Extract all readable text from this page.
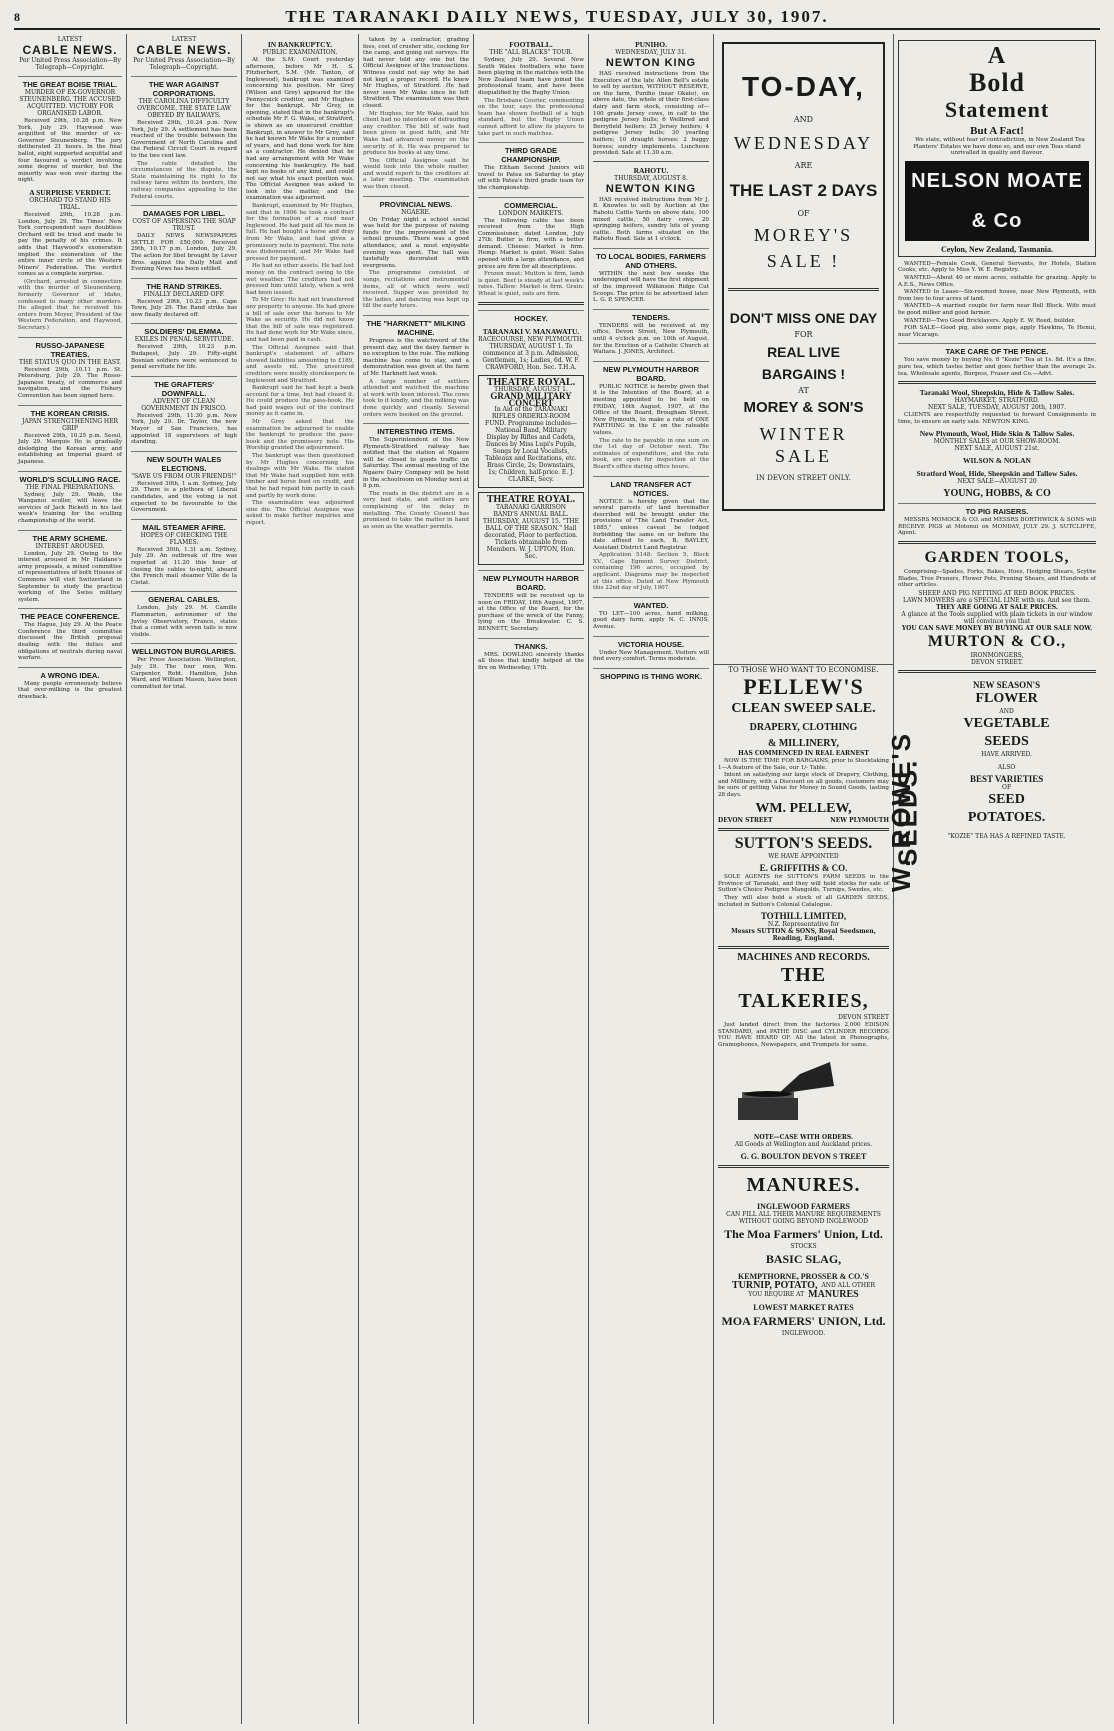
8	THE TARANAKI DAILY NEWS, TUESDAY, JULY 30, 1907.
LATEST
CABLE NEWS.
Per United Press Association—By Telegraph—Copyright.
THE GREAT BOISE TRIAL.
MURDER OF EX-GOVERNOR STEUNENBERG. THE ACCUSED ACQUITTED. VICTORY FOR ORGANISED LABOR.

Received 29th, 10.28 p.m. New York, July 29. Haywood was acquitted of the murder of ex-Governor Steunenberg. The jury deliberated 21 hours. In the final ballot, eight supported acquittal and four favoured a verdict involving some degree of murder, but the minority was won over during the night.

A SURPRISE VERDICT.
ORCHARD TO STAND HIS TRIAL.

Received 29th, 10.28 p.m. London, July 29. The Times' New York correspondent says doubtless Orchard will be tried and made to pay the penalty of his crimes. It adds that Haywood's exoneration implied the exoneration of the entire inner circle of the Western Miners' Federation. The verdict comes as a complete surprise.

(Orchard, arrested in connection with the murder of Steunenberg, formerly Governor of Idaho, confessed to many other murders. He alleged that he received his orders from Moyer, President of the Western Federation, and Haywood, Secretary.)

RUSSO-JAPANESE TREATIES.
THE STATUS QUO IN THE EAST.

Received 29th, 10.11 p.m. St. Petersburg, July 29. The Russo-Japanese treaty, of commerce and navigation, and the Fishery Convention has been signed here.

THE KOREAN CRISIS.
JAPAN STRENGTHENING HER GRIP

Received 29th, 10.25 p.m. Seoul, July 29. Marquis Ito is gradually dislodging the Korean army, and establishing an Imperial guard of Japanese.

WORLD'S SCULLING RACE.
THE FINAL PREPARATIONS.

Sydney, July 29. Webb, the Wanganui sculler, will leave the services of Jack Rickett in his last week's training for the sculling championship of the world.

THE ARMY SCHEME.
INTEREST AROUSED.

London, July 29. Owing to the interest aroused in Mr Haldane's army proposals, a mixed committee of representatives of both Houses of Commons will visit Switzerland in September to study the practical working of the Swiss military system.

THE PEACE CONFERENCE.

The Hague, July 29. At the Peace Conference the third committee discussed the British proposal dealing with the duties and obligations of neutrals during naval warfare.

A WRONG IDEA.

Many people erroneously believe that over-milking is the greatest drawback.

LATEST
CABLE NEWS.
Per United Press Association—By Telegraph—Copyright.
THE WAR AGAINST CORPORATIONS.
THE CAROLINA DIFFICULTY OVERCOME. THE STATE LAW OBEYED BY RAILWAYS.

Received 29th, 10.24 p.m. New York, July 29. A settlement has been reached of the trouble between the Government of North Carolina and the Federal Circuit Court in regard to the two cent law.

The cable detailed the circumstances of the dispute, the State maintaining its right to fix railway fares within its borders, the railway companies appealing to the Federal courts.

DAMAGES FOR LIBEL.
COST OF ASPERSING THE SOAP TRUST.

DAILY NEWS NEWSPAPERS SETTLE FOR £50,000. Received 29th, 10.17 p.m. London, July 29. The action for libel brought by Lever Bros. against the Daily Mail and Evening News has been settled.

THE RAND STRIKES.
FINALLY DECLARED OFF.

Received 29th, 10.23 p.m. Cape Town, July 29. The Rand strike has now finally declared off.

SOLDIERS' DILEMMA.
EXILES IN PENAL SERVITUDE.

Received 29th, 10.23 p.m. Budapest, July 29. Fifty-eight Bosnian soldiers were sentenced to penal servitude for life.

THE GRAFTERS' DOWNFALL.
ADVENT OF CLEAN GOVERNMENT IN FRISCO.

Received 29th, 11.30 p.m. New York, July 29. Dr. Taylor, the new Mayor of San Francisco, has appointed 18 supervisors of high standing.

NEW SOUTH WALES ELECTIONS.
"SAVE US FROM OUR FRIENDS!"

Received 30th, 1 a.m. Sydney, July 29. There is a plethora of Liberal candidates, and the voting is not expected to be favourable to the Government.

MAIL STEAMER AFIRE.
HOPES OF CHECKING THE FLAMES.

Received 30th, 1.31 a.m. Sydney, July 29. An outbreak of fire was reported at 11.20 this hour of closing the cables to-night, aboard the French mail steamer Ville de la Ciotat.

GENERAL CABLES.

London, July 29. M. Camille Flammarion, astronomer of the Juvisy Observatory, France, states that a comet with seven tails is now visible.

WELLINGTON BURGLARIES.

Per Press Association. Wellington, July 29. The four men, Wm. Carpenter, Robt. Hamilton, John Ward, and William Mason, have been committed for trial.

IN BANKRUPTCY.
PUBLIC EXAMINATION.

At the S.M. Court yesterday afternoon, before Mr H. S. Fitzherbert, S.M. (Mr. Tanton, of Inglewood), bankrupt was examined concerning his position. Mr Grey (Wilson and Grey) appeared for the Pennycuick creditor, and Mr Hughes for the bankrupt. Mr Grey, in opening, stated that in the bankrupt's schedule Mr F. G. Wake, of Stratford, is shown as an unsecured creditor. Bankrupt, in answer to Mr Grey, said he had known Mr Wake for a number of years, and had done work for him as a contractor. He denied that he had any arrangement with Mr Wake concerning his bankruptcy. He had kept no books of any kind, and could not say what his exact position was. The Official Assignee was asked to look into the matter, and the examination was adjourned.

Bankrupt, examined by Mr Hughes, said that in 1906 he took a contract for the formation of a road near Inglewood. He had paid all his men in full. He had bought a horse and dray from Mr Wake, and had given a promissory note in payment. The note was dishonoured, and Mr Wake had pressed for payment.

He had no other assets. He had lost money on the contract owing to the wet weather. The creditors had not pressed him until lately, when a writ had been issued.

To Mr Grey: He had not transferred any property to anyone. He had given a bill of sale over the horses to Mr Wake as security. He did not know that the bill of sale was registered. He had done work for Mr Wake since, and had been paid in cash.

The Official Assignee said that bankrupt's statement of affairs showed liabilities amounting to £189, and assets nil. The unsecured creditors were mostly storekeepers in Inglewood and Stratford.

Bankrupt said he had kept a bank account for a time, but had closed it. He could produce the pass-book. He had paid wages out of the contract money as it came in.

Mr Grey asked that the examination be adjourned to enable the bankrupt to produce the pass-book and the promissory note. His Worship granted the adjournment.

The bankrupt was then questioned by Mr Hughes concerning his dealings with Mr Wake. He stated that Mr Wake had supplied him with timber and horse feed on credit, and that he had repaid him partly in cash and partly by work done.

The examination was adjourned sine die. The Official Assignee was asked to make further inquiries and report.

taken by a contractor, grading fees, cost of crusher site, cocking for the camp, and going out surveys. He had never told any one but the Official Assignee of the transactions. Witness could not say why he had not kept a proper record. He knew Mr Hughes, of Stratford. He had never seen Mr Wake since he left Stratford. The examination was then closed.

Mr Hughes, for Mr Wake, said his client had no intention of defrauding any creditor. The bill of sale had been given in good faith, and Mr Wake had advanced money on the security of it. He was prepared to produce his books at any time.

The Official Assignee said he would look into the whole matter, and would report to the creditors at a later meeting. The examination was then closed.

PROVINCIAL NEWS.
NGAERE.

On Friday night a school social was held for the purpose of raising funds for the improvement of the school grounds. There was a good attendance, and a most enjoyable evening was spent. The hall was tastefully decorated with evergreens.

The programme consisted of songs, recitations and instrumental items, all of which were well received. Supper was provided by the ladies, and dancing was kept up till the early hours.

THE "HARKNETT" MILKING MACHINE.

Progress is the watchword of the present day, and the dairy farmer is no exception to the rule. The milking machine has come to stay, and a demonstration was given at the farm of Mr. Harknett last week.

A large number of settlers attended and watched the machine at work with keen interest. The cows took to it kindly, and the milking was done quickly and cleanly. Several orders were booked on the ground.

INTERESTING ITEMS.

The Superintendent of the New Plymouth-Stratford railway has notified that the station at Ngaere will be closed to goods traffic on Saturday. The annual meeting of the Ngaere Dairy Company will be held in the schoolroom on Monday next at 8 p.m.

The roads in the district are in a very bad state, and settlers are complaining of the delay in metalling. The County Council has promised to take the matter in hand as soon as the weather permits.

FOOTBALL.
THE "ALL BLACKS" TOUR.

Sydney, July 29. Several New South Wales footballers who have been playing in the matches with the New Zealand team have joined the professional team, and have been disqualified by the Rugby Union.

The Brisbane Courier, commenting on the tour, says the professional team has shown football of a high standard, but the Rugby Union cannot afford to allow its players to take part in such matches.

THIRD GRADE CHAMPIONSHIP.

The Eltham Second Juniors will travel to Patea on Saturday to play off with Patea's third grade team for the championship.

COMMERCIAL.
LONDON MARKETS.

The following cable has been received from the High Commissioner, dated London, July 27th: Butter is firm, with a better demand. Cheese: Market is firm. Hemp: Market is quiet. Wool: Sales opened with a large attendance, and prices are firm for all descriptions.

Frozen meat: Mutton is firm, lamb is quiet. Beef is steady at last week's rates. Tallow: Market is firm. Grain: Wheat is quiet, oats are firm.

HOCKEY.
TARANAKI V. MANAWATU.
RACECOURSE, NEW PLYMOUTH. THURSDAY, AUGUST 1. To commence at 3 p.m. Admission, Gentlemen, 1s; Ladies, 6d. W. F. CRAWFORD, Hon. Sec. T.H.A.
THEATRE ROYAL.
THURSDAY, AUGUST 1.
GRAND MILITARY CONCERT
In Aid of the TARANAKI RIFLES ORDERLY-ROOM FUND. Programme includes—National Band, Military Display by Rifles and Cadets, Dances by Miss Lupi's Pupils, Songs by Local Vocalists, Tableaux and Recitations, etc. Brass Circle, 2s; Downstairs, 1s; Children, half-price. E. J. CLARKE, Secy.
THEATRE ROYAL.
TARANAKI GARRISON BAND'S ANNUAL BALL. THURSDAY, AUGUST 15. "THE BALL OF THE SEASON." Hall decorated, Floor to perfection. Tickets obtainable from Members. W. J. UPTON, Hon. Sec.
NEW PLYMOUTH HARBOR BOARD.

TENDERS will be received up to noon on FRIDAY, 16th August, 1907, at the Office of the Board, for the purchase of the wreck of the Fanny, lying on the Breakwater. C. S. BENNETT, Secretary.

THANKS.

MRS. DOWLING sincerely thanks all those that kindly helped at the fire on Wednesday, 17th.

PUNIHO.
WEDNESDAY, JULY 31.
NEWTON KING

HAS received instructions from the Executors of the late Allen Bell's estate to sell by auction, WITHOUT RESERVE, on the farm, Puniho (near Okato), on above date, the whole of their first-class dairy and farm stock, consisting of— 100 grade Jersey cows, in calf to the pedigree Jersey bulls; 6 Wellbred and Berryfield heifers; 25 Jersey heifers; 4 pedigree Jersey bulls; 30 yearling heifers; 10 draught horses; 2 buggy horses; sundry implements. Luncheon provided. Sale at 11.30 a.m.

RAHOTU.
THURSDAY, AUGUST 8.
NEWTON KING

HAS received instructions from Mr J. B. Knowles to sell by Auction at the Rahotu Cattle Yards on above date, 100 mixed cattle, 50 dairy cows, 20 springing heifers, sundry lots of young cattle. Both farms situated on the Rahotu Road. Sale at 1 o'clock.

TO LOCAL BODIES, FARMERS AND OTHERS.

WITHIN the next few weeks the undersigned will have the first shipment of the improved Wilkinson Ridge Cut Scoops. The price to be advertised later. L. G. P. SPENCER.

TENDERS.

TENDERS will be received at my office, Devon Street, New Plymouth, until 4 o'clock p.m. on 10th of August, for the Erection of a Catholic Church at Waitara. J. JONES, Architect.

NEW PLYMOUTH HARBOR BOARD.

PUBLIC NOTICE is hereby given that it is the Intention of the Board, at a meeting appointed to be held on FRIDAY, 16th August, 1907, at the Office of the Board, Brougham Street, New Plymouth, to make a rate of ONE FARTHING in the £ on the rateable values.

The rate to be payable in one sum on the 1st day of October next. The estimates of expenditure, and the rate book, are open for inspection at the Board's office during office hours.

LAND TRANSFER ACT NOTICES.

NOTICE is hereby given that the several parcels of land hereinafter described will be brought under the provisions of "The Land Transfer Act, 1885," unless caveat be lodged forbidding the same on or before the date affixed to each. B. BAYLEY, Assistant District Land Registrar.

Application 5148: Section 5, Block XV., Cape Egmont Survey District, containing 196 acres, occupied by applicant. Diagrams may be inspected at this office. Dated at New Plymouth this 22nd day of July, 1907.

WANTED.

TO LET—100 acres, hand milking, good dairy farm, apply N. C. INNIS, Avenue.

VICTORIA HOUSE.

Under New Management. Visitors will find every comfort. Terms moderate.

SHOPPING IS THING WORK.
TO-DAY,
AND
WEDNESDAY
ARE
THE LAST 2 DAYS
OF
MOREY'S
SALE !
DON'T MISS ONE DAY
FOR
REAL LIVE BARGAINS !
AT
MOREY & SON'S
WINTER
SALE
IN DEVON STREET ONLY.
TO THOSE WHO WANT TO ECONOMISE.
PELLEW'S
CLEAN SWEEP SALE.
DRAPERY, CLOTHING
& MILLINERY,
HAS COMMENCED IN REAL EARNEST

NOW IS THE TIME FOR BARGAINS, prior to Stocktaking 1—A feature of the Sale, our 1/- Table.

Intent on satisfying our large stock of Drapery, Clothing, and Millinery, with a Discount on all goods, customers may be sure of getting Value for Money in Sound Goods, lasting 28 days.

WM. PELLEW,
DEVON STREET	NEW PLYMOUTH
SUTTON'S SEEDS.
WE HAVE APPOINTED
E. GRIFFITHS & CO.

SOLE AGENTS for SUTTON'S FARM SEEDS in the Province of Taranaki, and they will hold stocks for sale of Sutton's Choice Pedigree Mangolds, Turnips, Swedes, etc.

They will also hold a stock of all GARDEN SEEDS, included in Sutton's Colonial Catalogue.

TOTHILL LIMITED,
N.Z. Representative for
Messrs SUTTON & SONS, Royal Seedsmen, Reading, England.
MACHINES AND RECORDS.
THE TALKERIES,
DEVON STREET

Just landed direct from the factories 2,000 EDISON STANDARD, and PATHE DISC and CYLINDER RECORDS YOU HAVE HEARD OF. All the latest in Phonographs, Gramophones, Newspapers, and Trumpets for same.

NOTE—CASE WITH ORDERS.
All Goods at Wellington and Auckland prices.
G. G. BOULTON DEVON S TREET
MANURES.
INGLEWOOD FARMERS
CAN FILL ALL THEIR MANURE REQUIREMENTS WITHOUT GOING BEYOND INGLEWOOD
The Moa Farmers' Union, Ltd.
STOCKS
BASIC SLAG,
KEMPTHORNE, PROSSER & CO.'S
TURNIP, POTATO, AND ALL OTHER
YOU REQUIRE AT MANURES
LOWEST MARKET RATES
MOA FARMERS' UNION, Ltd.
INGLEWOOD.
A
Bold
Statement
But A Fact!

We state, without fear of contradiction, in New Zealand Tea Planters' Estates we have done so, and our own Teas stand unrivalled in quality and flavour.

NELSON MOATE & Co
Ceylon, New Zealand, Tasmania.

WANTED—Female Cook, General Servants, for Hotels, Station Cooks, etc. Apply to Miss Y. W. E. Registry.

WANTED—About 40 or more acres, suitable for grazing. Apply to A.E.S., News Office.

WANTED to Lease—Six-roomed house, near New Plymouth, with from two to four acres of land.

WANTED—A married couple for farm near Bell Block. Wife must be good milker and good farmer.

WANTED—Two Good Bricklayers. Apply E. W. Reed, builder.

FOR SALE—Good pig, also some pigs, apply Hawkins, Te Henui, near Vicarage.

TAKE CARE OF THE PENCE.

You save money by buying No. 8 "Kozie" Tea at 1s. 8d. It's a fine, pure tea, which tastes better and goes further than the average 2s. tea. Wholesale agents, Burgess, Fraser and Co.—Advt.

Taranaki Wool, Sheepskin, Hide & Tallow Sales.
HAYMARKET, STRATFORD.
NEXT SALE, TUESDAY, AUGUST 20th, 1907.

CLIENTS are respectfully requested to forward Consignments in time, to ensure an early sale. NEWTON KING.

New Plymouth, Wool, Hide Skin & Tallow Sales.
MONTHLY SALES at OUR SHOW-ROOM.
NEXT SALE, AUGUST 21st.
WILSON & NOLAN
Stratford Wool, Hide, Sheepskin and Tallow Sales.
NEXT SALE—AUGUST 20
YOUNG, HOBBS, & CO
TO PIG RAISERS.

MESSRS MOMOCK & CO. and MESSRS BORTHWICK & SONS will RECEIVE PIGS at Motonui on MONDAY, JULY 29. J. SUTCLIFFE, Agent.

GARDEN TOOLS,

Comprising—Spades, Forks, Rakes, Hoes, Hedging Shears, Scythe Blades, Tree Pruners, Flower Pots, Pruning Shears, and Hundreds of other articles.

SHEEP AND PIG NETTING AT RED BOOK PRICES.
LAWN MOWERS are a SPECIAL LINE with us. And see them.
THEY ARE GOING AT SALE PRICES.
A glance at the Tools supplied with plain tickets in our window will convince you that
YOU CAN SAVE MONEY BY BUYING AT OUR SALE NOW.
MURTON & CO.,
IRONMONGERS,
DEVON STREET.
W. ROWE'S SEEDS.
NEW SEASON'S
FLOWER
AND
VEGETABLE
SEEDS
HAVE ARRIVED.
ALSO
BEST VARIETIES
OF
SEED
POTATOES.
"KOZIE" TEA HAS A REFINED TASTE.
